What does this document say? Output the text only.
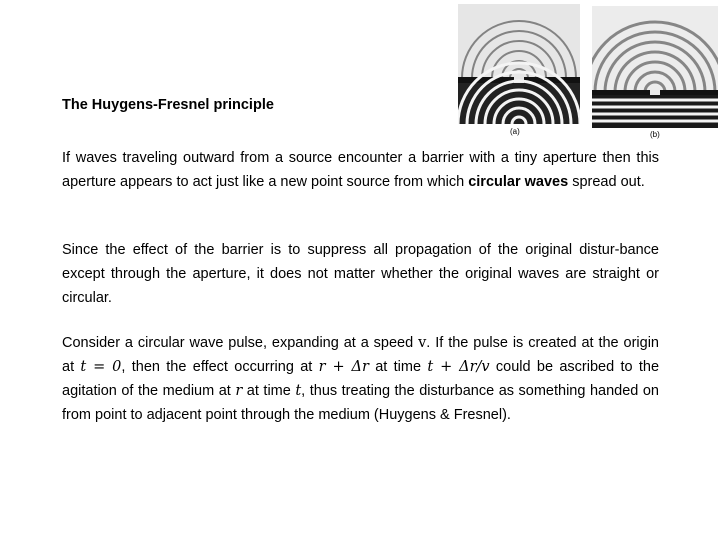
(a)	(b)
The Huygens-Fresnel principle

If waves traveling outward from a source encounter a barrier with a tiny aperture then this aperture appears to act just like a new point source from which circular waves spread out.

Since the effect of the barrier is to suppress all propagation of the original distur-bance except through the aperture, it does not matter whether the original waves are straight or circular.

Consider a circular wave pulse, expanding at a speed v. If the pulse is created at the origin at t = 0, then the effect occurring at r + Δr at time t + Δr/v could be ascribed to the agitation of the medium at r at time t, thus treating the disturbance as something handed on from point to adjacent point through the medium (Huygens & Fresnel).
